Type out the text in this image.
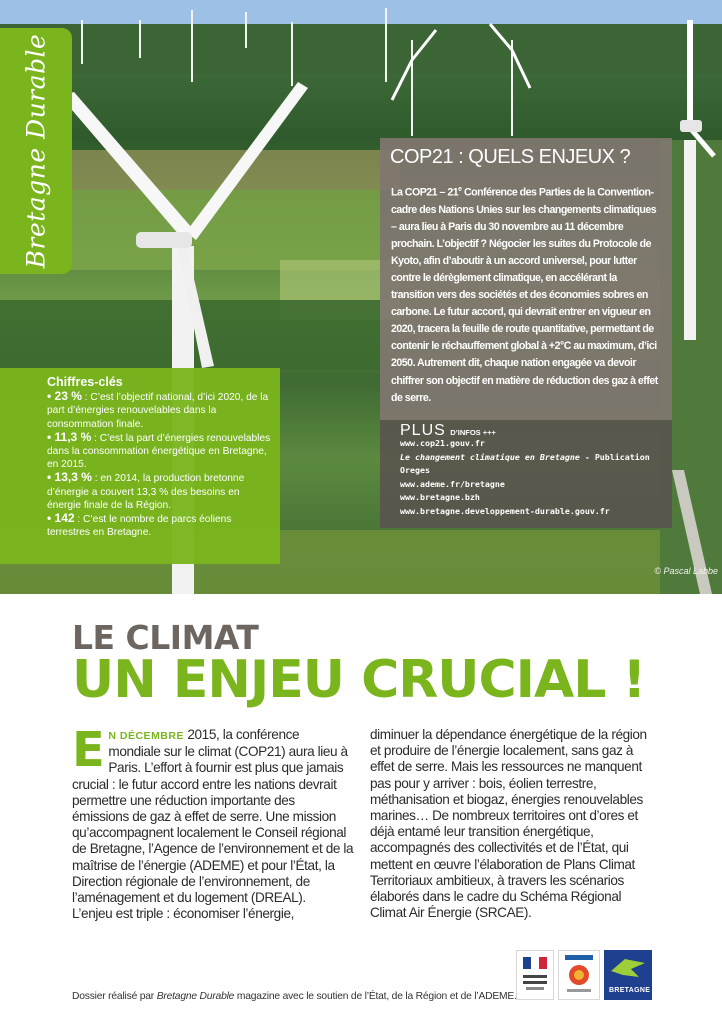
© Pascal Labbe
Bretagne Durable	COP21 : QUELS ENJEUX ?
La COP21 – 21e Conférence des Parties de la Convention-cadre des Nations Unies sur les changements climatiques – aura lieu à Paris du 30 novembre au 11 décembre prochain. L’objectif ? Négocier les suites du Protocole de Kyoto, afin d’aboutir à un accord universel, pour lutter contre le dérèglement climatique, en accélérant la transition vers des sociétés et des économies sobres en carbone. Le futur accord, qui devrait entrer en vigueur en 2020, tracera la feuille de route quantitative, permettant de contenir le réchauffement global à +2°C au maximum, d’ici 2050. Autrement dit, chaque nation engagée va devoir chiffrer son objectif en matière de réduction des gaz à effet de serre.
PLUS D’INFOS +++
www.cop21.gouv.fr
Le changement climatique en Bretagne - Publication Oreges
www.ademe.fr/bretagne
www.bretagne.bzh
www.bretagne.developpement-durable.gouv.fr
Chiffres-clés
• 23 % : C’est l’objectif national, d’ici 2020, de la part d’énergies renouvelables dans la consommation finale.
• 11,3 % : C’est la part d’énergies renouvelables dans la consommation énergétique en Bretagne, en 2015.
• 13,3 % : en 2014, la production bretonne d’énergie a couvert 13,3 % des besoins en énergie finale de la Région.
• 142 : C’est le nombre de parcs éoliens terrestres en Bretagne.
LE CLIMAT
UN ENJEU CRUCIAL !
E N DÉCEMBRE 2015, la conférence mondiale sur le climat (COP21) aura lieu à Paris. L’effort à fournir est plus que jamais crucial : le futur accord entre les nations devrait permettre une réduction importante des émissions de gaz à effet de serre. Une mission qu’accompagnent localement le Conseil régional de Bretagne, l’Agence de l’environnement et de la maîtrise de l’énergie (ADEME) et pour l’État, la Direction régionale de l’environnement, de l’aménagement et du logement (DREAL).
L’enjeu est triple : économiser l’énergie,
diminuer la dépendance énergétique de la région et produire de l’énergie localement, sans gaz à effet de serre. Mais les ressources ne manquent pas pour y arriver : bois, éolien terrestre, méthanisation et biogaz, énergies renouvelables marines… De nombreux territoires ont d’ores et déjà entamé leur transition énergétique, accompagnés des collectivités et de l’État, qui mettent en œuvre l’élaboration de Plans Climat Territoriaux ambitieux, à travers les scénarios élaborés dans le cadre du Schéma Régional Climat Air Énergie (SRCAE).
BRETAGNE
Dossier réalisé par Bretagne Durable magazine avec le soutien de l’État, de la Région et de l’ADEME.
